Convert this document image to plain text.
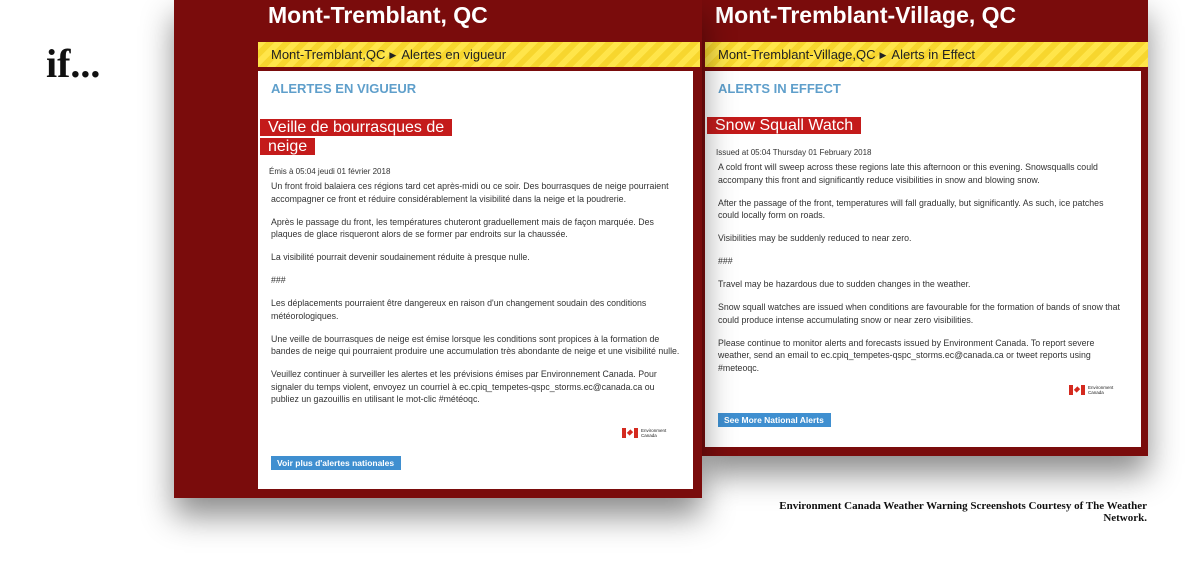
if...
Mont-Tremblant, QC
Mont-Tremblant,QC ▶ Alertes en vigueur
ALERTES EN VIGUEUR
Veille de bourrasques de
neige
Émis à 05:04 jeudi 01 février 2018

Un front froid balaiera ces régions tard cet après-midi ou ce soir. Des bourrasques de neige pourraient accompagner ce front et réduire considérablement la visibilité dans la neige et la poudrerie.

Après le passage du front, les températures chuteront graduellement mais de façon marquée. Des plaques de glace risqueront alors de se former par endroits sur la chaussée.

La visibilité pourrait devenir soudainement réduite à presque nulle.

###

Les déplacements pourraient être dangereux en raison d'un changement soudain des conditions météorologiques.

Une veille de bourrasques de neige est émise lorsque les conditions sont propices à la formation de bandes de neige qui pourraient produire une accumulation très abondante de neige et une visibilité nulle.

Veuillez continuer à surveiller les alertes et les prévisions émises par Environnement Canada. Pour signaler du temps violent, envoyez un courriel à ec.cpiq_tempetes-qspc_storms.ec@canada.ca ou publiez un gazouillis en utilisant le mot-clic #météoqc.

Environment
Canada
Voir plus d'alertes nationales
Mont-Tremblant-Village, QC
Mont-Tremblant-Village,QC ▶ Alerts in Effect
ALERTS IN EFFECT
Snow Squall Watch
Issued at 05:04 Thursday 01 February 2018

A cold front will sweep across these regions late this afternoon or this evening. Snowsqualls could accompany this front and significantly reduce visibilities in snow and blowing snow.

After the passage of the front, temperatures will fall gradually, but significantly. As such, ice patches could locally form on roads.

Visibilities may be suddenly reduced to near zero.

###

Travel may be hazardous due to sudden changes in the weather.

Snow squall watches are issued when conditions are favourable for the formation of bands of snow that could produce intense accumulating snow or near zero visibilities.

Please continue to monitor alerts and forecasts issued by Environment Canada. To report severe weather, send an email to ec.cpiq_tempetes-qspc_storms.ec@canada.ca or tweet reports using #meteoqc.

Environment
Canada
See More National Alerts
Environment Canada Weather Warning Screenshots Courtesy of The Weather Network.
